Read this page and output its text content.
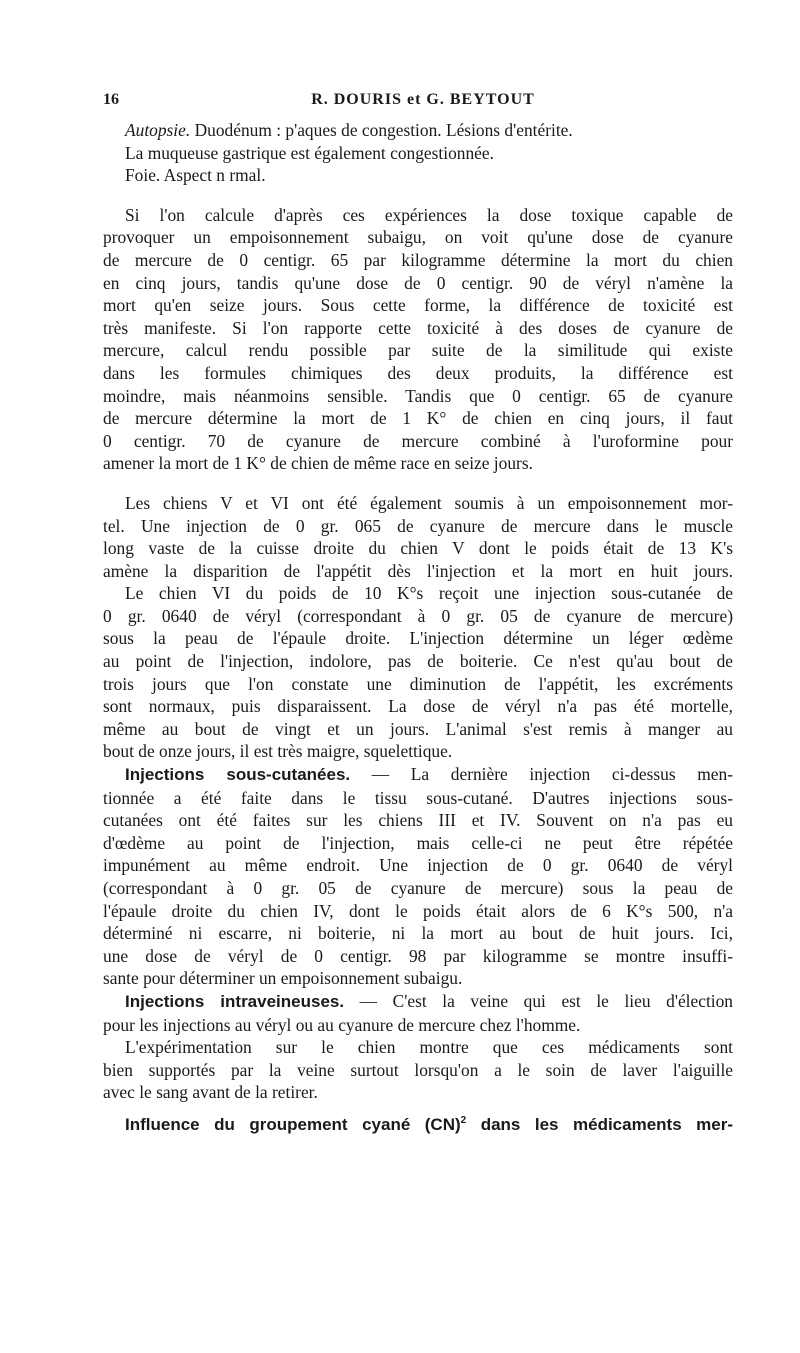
16	R. DOURIS et G. BEYTOUT

Autopsie. Duodénum : p'aques de congestion. Lésions d'entérite.
La muqueuse gastrique est également congestionnée.
Foie. Aspect n rmal.

Si l'on calcule d'après ces expériences la dose toxique capable de
provoquer un empoisonnement subaigu, on voit qu'une dose de cyanure
de mercure de 0 centigr. 65 par kilogramme détermine la mort du chien
en cinq jours, tandis qu'une dose de 0 centigr. 90 de véryl n'amène la
mort qu'en seize jours. Sous cette forme, la différence de toxicité est
très manifeste. Si l'on rapporte cette toxicité à des doses de cyanure de
mercure, calcul rendu possible par suite de la similitude qui existe
dans les formules chimiques des deux produits, la différence est
moindre, mais néanmoins sensible. Tandis que 0 centigr. 65 de cyanure
de mercure détermine la mort de 1 K° de chien en cinq jours, il faut
0 centigr. 70 de cyanure de mercure combiné à l'uroformine pour
amener la mort de 1 K° de chien de même race en seize jours.

Les chiens V et VI ont été également soumis à un empoisonnement mor-
tel. Une injection de 0 gr. 065 de cyanure de mercure dans le muscle
long vaste de la cuisse droite du chien V dont le poids était de 13 K's
amène la disparition de l'appétit dès l'injection et la mort en huit jours.

Le chien VI du poids de 10 K°s reçoit une injection sous-cutanée de
0 gr. 0640 de véryl (correspondant à 0 gr. 05 de cyanure de mercure)
sous la peau de l'épaule droite. L'injection détermine un léger œdème
au point de l'injection, indolore, pas de boiterie. Ce n'est qu'au bout de
trois jours que l'on constate une diminution de l'appétit, les excréments
sont normaux, puis disparaissent. La dose de véryl n'a pas été mortelle,
même au bout de vingt et un jours. L'animal s'est remis à manger au
bout de onze jours, il est très maigre, squelettique.

Injections sous-cutanées. — La dernière injection ci-dessus men-
tionnée a été faite dans le tissu sous-cutané. D'autres injections sous-
cutanées ont été faites sur les chiens III et IV. Souvent on n'a pas eu
d'œdème au point de l'injection, mais celle-ci ne peut être répétée
impunément au même endroit. Une injection de 0 gr. 0640 de véryl
(correspondant à 0 gr. 05 de cyanure de mercure) sous la peau de
l'épaule droite du chien IV, dont le poids était alors de 6 K°s 500, n'a
déterminé ni escarre, ni boiterie, ni la mort au bout de huit jours. Ici,
une dose de véryl de 0 centigr. 98 par kilogramme se montre insuffi-
sante pour déterminer un empoisonnement subaigu.

Injections intraveineuses. — C'est la veine qui est le lieu d'élection
pour les injections au véryl ou au cyanure de mercure chez l'homme.

L'expérimentation sur le chien montre que ces médicaments sont
bien supportés par la veine surtout lorsqu'on a le soin de laver l'aiguille
avec le sang avant de la retirer.

Influence du groupement cyané (CN)$^2$ dans les médicaments mer-
